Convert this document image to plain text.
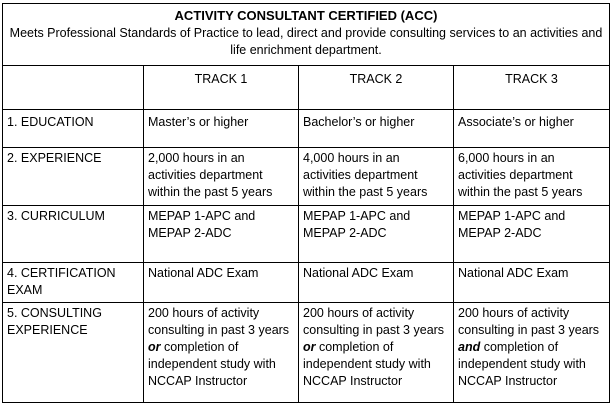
ACTIVITY CONSULTANT CERTIFIED (ACC)
Meets Professional Standards of Practice to lead, direct and provide consulting services to an activities and life enrichment department.			

	TRACK 1	TRACK 2	TRACK 3
1. EDUCATION	Master’s or higher	Bachelor’s or higher	Associate’s or higher
2. EXPERIENCE	2,000 hours in an activities department within the past 5 years	4,000 hours in an activities department within the past 5 years	6,000 hours in an activities department within the past 5 years
3. CURRICULUM	MEPAP 1-APC and MEPAP 2-ADC	MEPAP 1-APC and MEPAP 2-ADC	MEPAP 1-APC and MEPAP 2-ADC
4. CERTIFICATION EXAM	National ADC Exam	National ADC Exam	National ADC Exam
5. CONSULTING EXPERIENCE	200 hours of activity consulting in past 3 years or completion of independent study with NCCAP Instructor	200 hours of activity consulting in past 3 years or completion of independent study with NCCAP Instructor	200 hours of activity consulting in past 3 years and completion of independent study with NCCAP Instructor
